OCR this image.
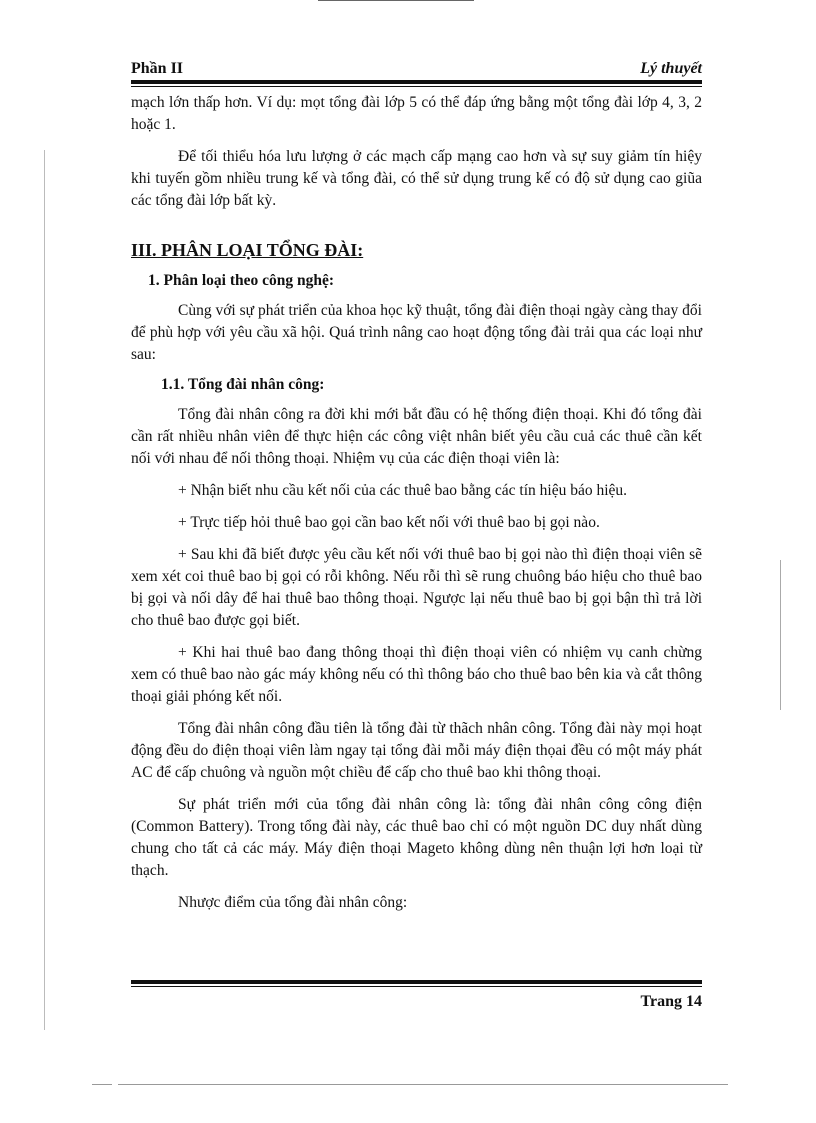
Phần II	Lý thuyết

mạch lớn thấp hơn. Ví dụ: mọt tổng đài lớp 5 có thể đáp ứng bằng một tổng đài lớp 4, 3, 2 hoặc 1.

Để tối thiểu hóa lưu lượng ở các mạch cấp mạng cao hơn và sự suy giảm tín hiệy khi tuyến gồm nhiều trung kế và tổng đài, có thể sử dụng trung kế có độ sử dụng cao giũa các tổng đài lớp bất kỳ.

III. PHÂN LOẠI TỔNG ĐÀI:
1. Phân loại theo công nghệ:

Cùng với sự phát triển của khoa học kỹ thuật, tổng đài điện thoại ngày càng thay đổi để phù hợp với yêu cầu xã hội. Quá trình nâng cao hoạt động tổng đài trải qua các loại như sau:

1.1. Tổng đài nhân công:

Tổng đài nhân công ra đời khi mới bắt đầu có hệ thống điện thoại. Khi đó tổng đài cần rất nhiều nhân viên để thực hiện các công việt nhân biết yêu cầu cuả các thuê cần kết nối với nhau để nối thông thoại. Nhiệm vụ của các điện thoại viên là:

+ Nhận biết nhu cầu kết nối của các thuê bao bằng các tín hiệu báo hiệu.

+ Trực tiếp hỏi thuê bao gọi cần bao kết nối với thuê bao bị gọi nào.

+ Sau khi đã biết được yêu cầu kết nối với thuê bao bị gọi nào thì điện thoại viên sẽ xem xét coi thuê bao bị gọi có rỗi không. Nếu rỗi thì sẽ rung chuông báo hiệu cho thuê bao bị gọi và nối dây để hai thuê bao thông thoại. Ngược lại nếu thuê bao bị gọi bận thì trả lời cho thuê bao được gọi biết.

+ Khi hai thuê bao đang thông thoại thì điện thoại viên có nhiệm vụ canh chừng xem có thuê bao nào gác máy không nếu có thì thông báo cho thuê bao bên kia và cắt thông thoại giải phóng kết nối.

Tổng đài nhân công đầu tiên là tổng đài từ thãch nhân công. Tổng đài này mọi hoạt động đều do điện thoại viên làm ngay tại tổng đài mỗi máy điện thọai đều có một máy phát AC để cấp chuông và nguồn một chiều để cấp cho thuê bao khi thông thoại.

Sự phát triển mới của tổng đài nhân công là: tổng đài nhân công công điện (Common Battery). Trong tổng đài này, các thuê bao chỉ có một nguồn DC duy nhất dùng chung cho tất cả các máy. Máy điện thoại Mageto không dùng nên thuận lợi hơn loại từ thạch.

Nhược điểm của tổng đài nhân công:

Trang 14
